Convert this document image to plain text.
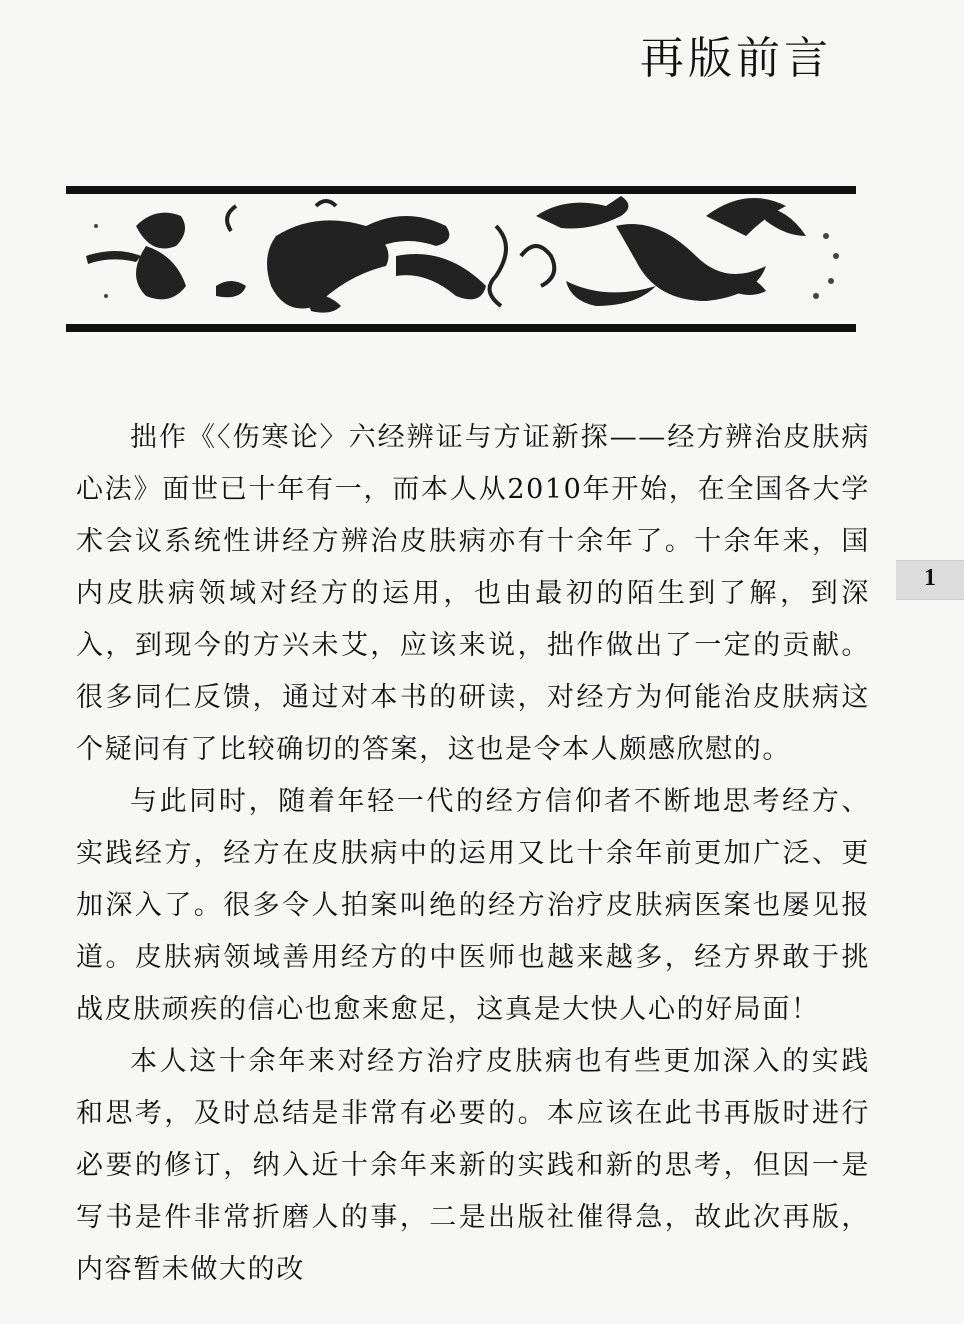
再版前言
1

拙作《〈伤寒论〉六经辨证与方证新探——经方辨治皮肤病心法》面世已十年有一，而本人从2010年开始，在全国各大学术会议系统性讲经方辨治皮肤病亦有十余年了。十余年来，国内皮肤病领域对经方的运用，也由最初的陌生到了解，到深入，到现今的方兴未艾，应该来说，拙作做出了一定的贡献。很多同仁反馈，通过对本书的研读，对经方为何能治皮肤病这个疑问有了比较确切的答案，这也是令本人颇感欣慰的。

与此同时，随着年轻一代的经方信仰者不断地思考经方、实践经方，经方在皮肤病中的运用又比十余年前更加广泛、更加深入了。很多令人拍案叫绝的经方治疗皮肤病医案也屡见报道。皮肤病领域善用经方的中医师也越来越多，经方界敢于挑战皮肤顽疾的信心也愈来愈足，这真是大快人心的好局面！

本人这十余年来对经方治疗皮肤病也有些更加深入的实践和思考，及时总结是非常有必要的。本应该在此书再版时进行必要的修订，纳入近十余年来新的实践和新的思考，但因一是写书是件非常折磨人的事，二是出版社催得急，故此次再版，内容暂未做大的改
